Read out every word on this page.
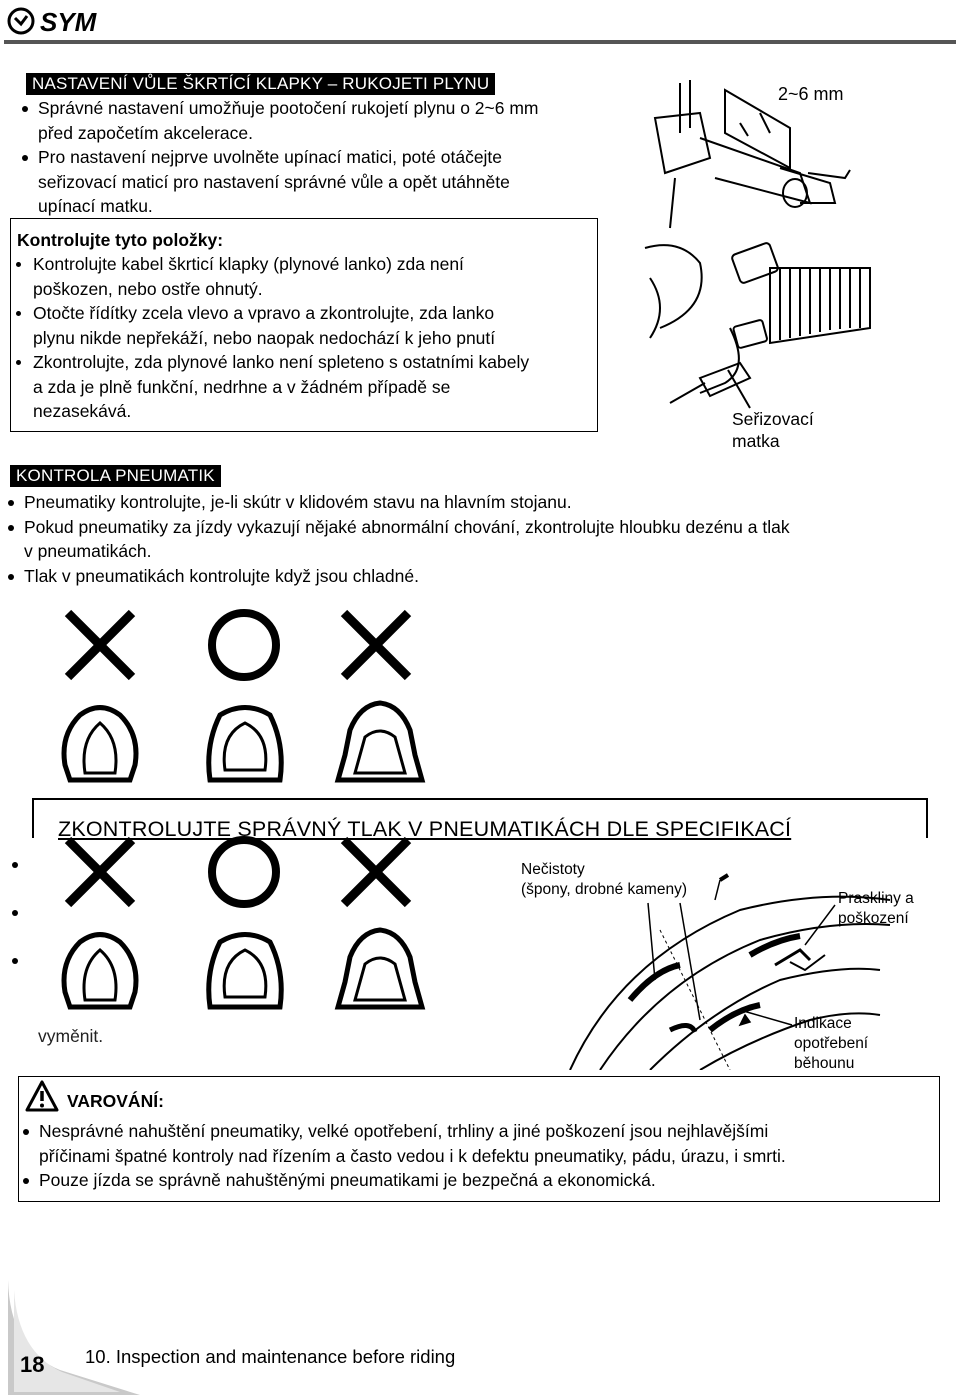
SYM
NASTAVENÍ VŮLE ŠKRTÍCÍ KLAPKY – RUKOJETI PLYNU
Správné nastavení umožňuje pootočení rukojetí plynu o 2~6 mm
před započetím akcelerace.
Pro nastavení nejprve uvolněte upínací matici, poté otáčejte
seřizovací maticí pro nastavení správné vůle a opět utáhněte
upínací matku.
Kontrolujte tyto položky:
Kontrolujte kabel škrticí klapky (plynové lanko) zda není
poškozen, nebo ostře ohnutý.
Otočte řídítky zcela vlevo a vpravo a zkontrolujte, zda lanko
plynu nikde nepřekáží, nebo naopak nedochází k jeho pnutí
Zkontrolujte, zda plynové lanko není spleteno s ostatními kabely
a zda je plně funkční, nedrhne a v žádném případě se
nezasekává.
2~6 mm
Seřizovací
matka
KONTROLA PNEUMATIK
Pneumatiky kontrolujte, je-li skútr v klidovém stavu na hlavním stojanu.
Pokud pneumatiky za jízdy vykazují nějaké abnormální chování, zkontrolujte hloubku dezénu a tlak
v pneumatikách.
Tlak v pneumatikách kontrolujte když jsou chladné.
ZKONTROLUJTE SPRÁVNÝ TLAK V PNEUMATIKÁCH DLE SPECIFIKACÍ
vyměnit.
Nečistoty
(špony, drobné kameny)
Praskliny a
poškození
Indikace
opotřebení
běhounu
VAROVÁNÍ:
Nesprávné nahuštění pneumatiky, velké opotřebení, trhliny a jiné poškození jsou nejhlavějšími
příčinami špatné kontroly nad řízením a často vedou i k defektu pneumatiky, pádu, úrazu, i smrti.
Pouze jízda se správně nahuštěnými pneumatikami je bezpečná a ekonomická.
18 10. Inspection and maintenance before riding
